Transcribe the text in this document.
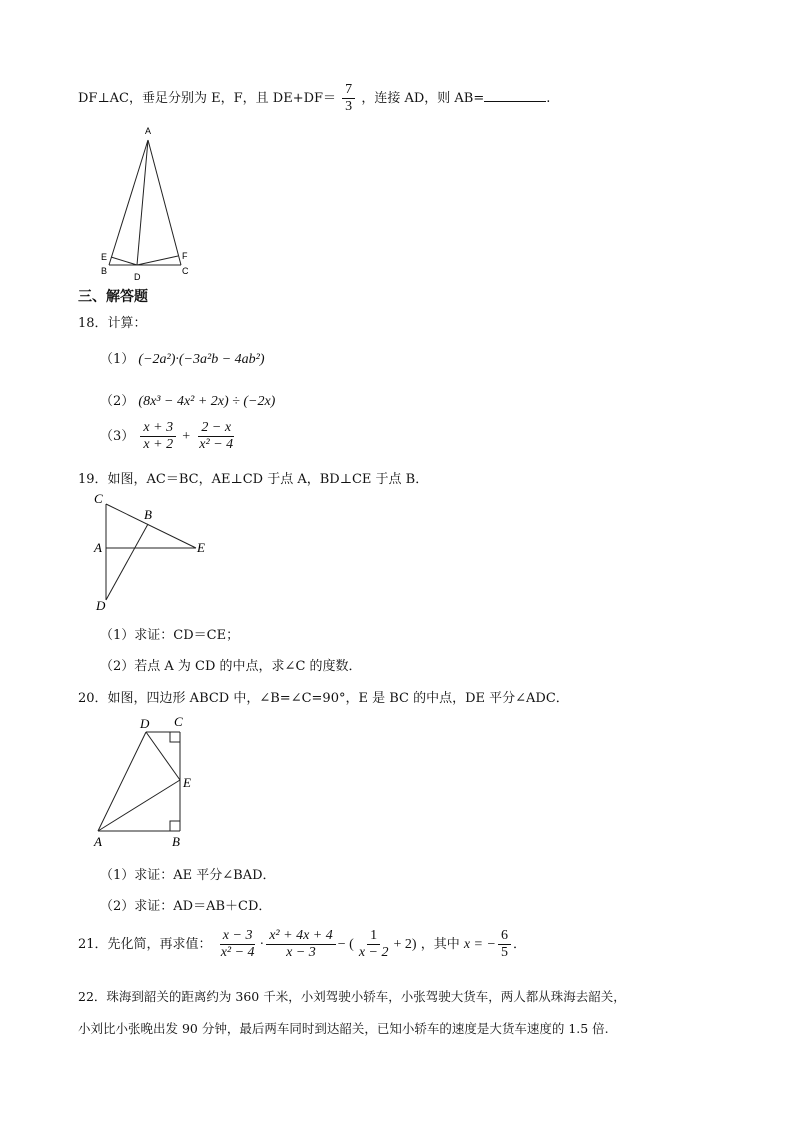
DF⊥AC，垂足分别为 E，F，且 $DE+DF= \frac{7}{3}$ ，连接 AD，则 AB=	.
A
E
B
D
F
C
三、解答题
18．计算：
（1） (−2a²)·(−3a²b − 4ab²)
（2） (8x³ − 4x² + 2x) ÷ (−2x)
$(3) \frac{x + 3}{x + 2} + \frac{2 - x}{\text{x² − 4}}$
19．如图，AC＝BC，AE⊥CD 于点 A，BD⊥CE 于点 B．
C
B
A	E
D
（1）求证：CD＝CE；
（2）若点 A 为 CD 的中点，求∠C 的度数．
20．如图，四边形 ABCD 中，∠B=∠C=90°，E 是 BC 的中点，DE 平分∠ADC．
D C
E
A	B
（1）求证：AE 平分∠BAD．
（2）求证：AD＝AB＋CD．
21．先化简，再求值： $\frac{x - 3}{\text{x² − 4}} \cdot \frac{\text{x² + 4x + 4}}{x - 3}$ − ( $\frac{1}{x - 2} + 2$) ，其中 x = − $\frac{6}{5}$ ．
22．珠海到韶关的距离约为 360 千米，小刘驾驶小轿车，小张驾驶大货车，两人都从珠海去韶关，
小刘比小张晚出发 90 分钟，最后两车同时到达韶关，已知小轿车的速度是大货车速度的 1.5 倍.
